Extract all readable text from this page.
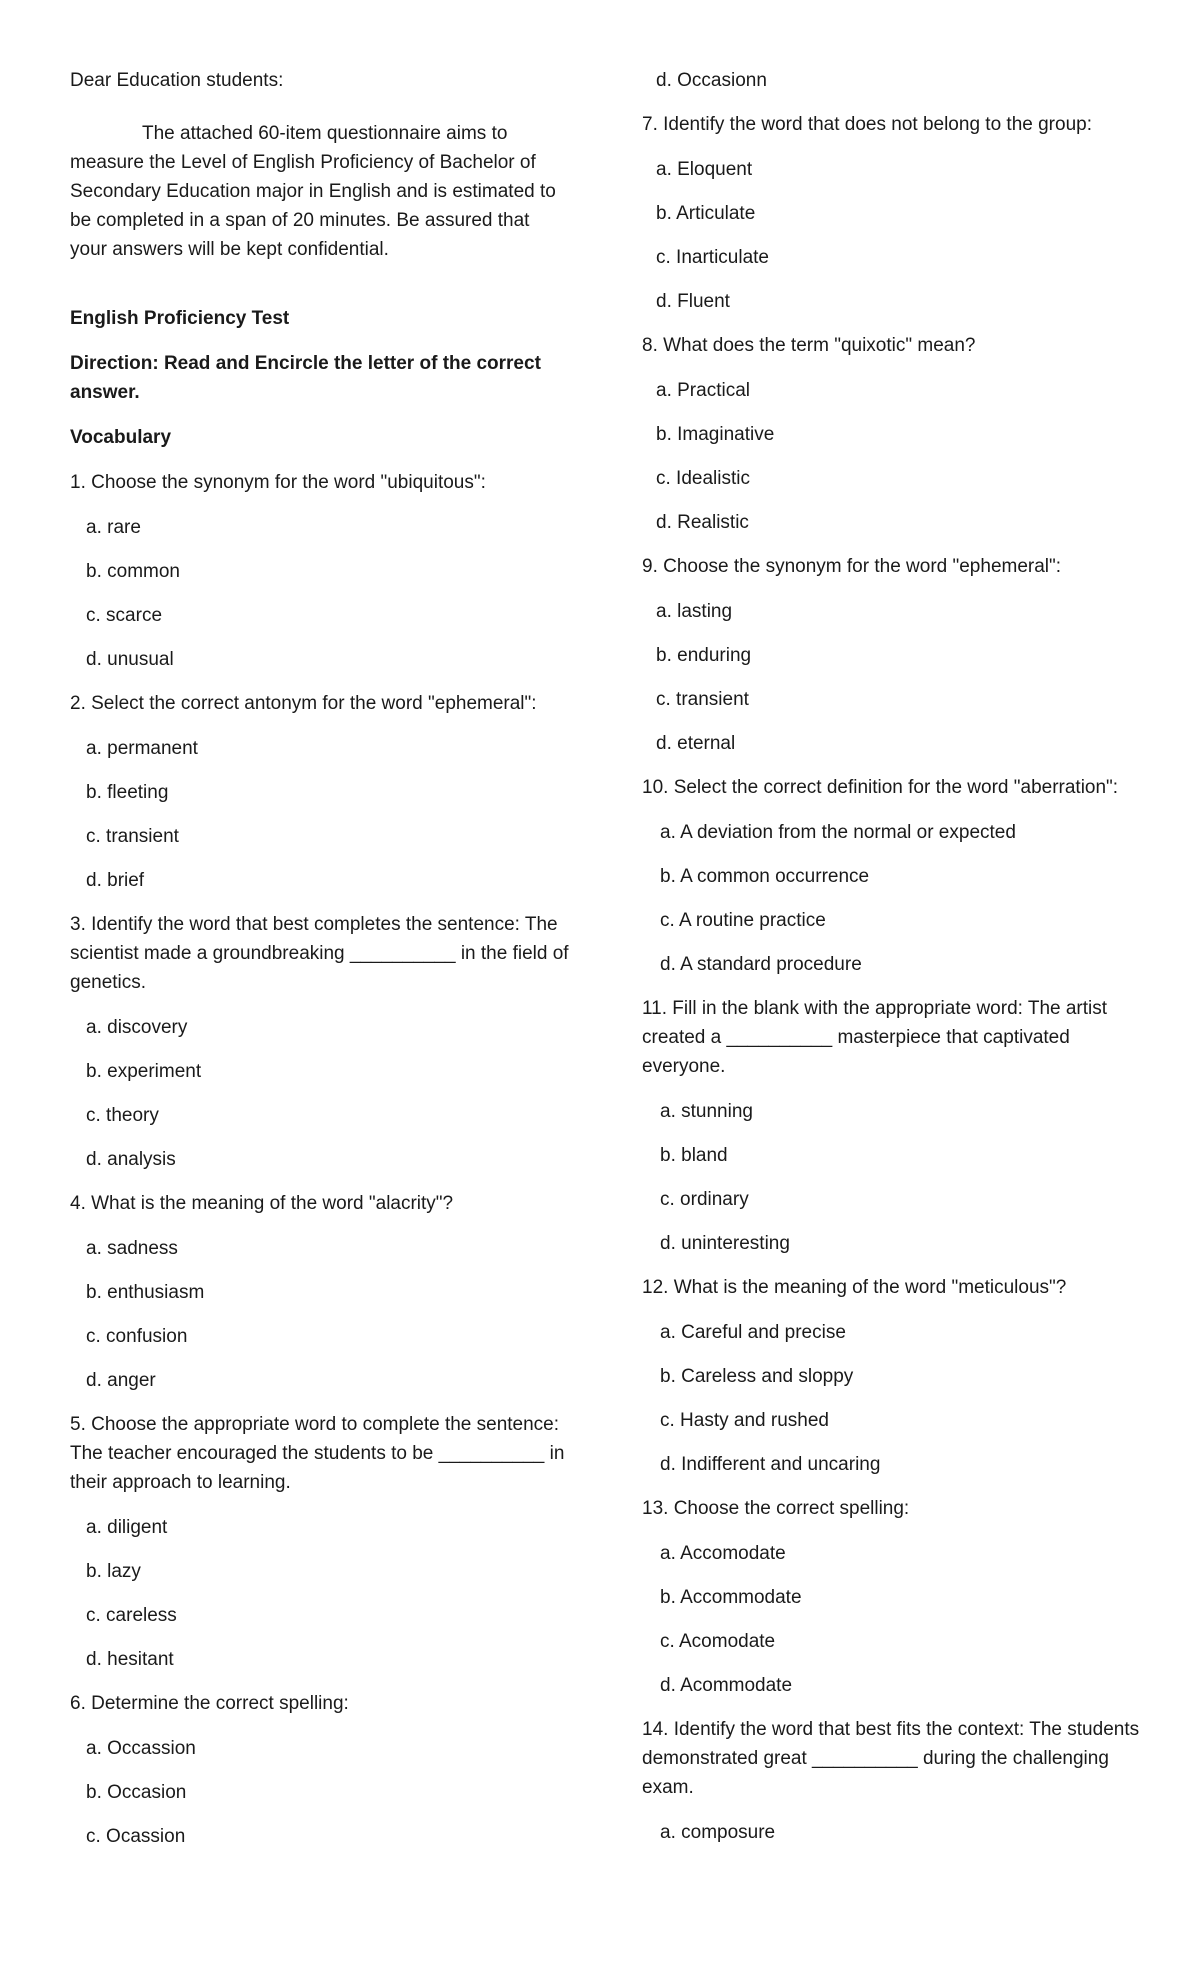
Dear Education students:

The attached 60-item questionnaire aims to measure the Level of English Proficiency of Bachelor of Secondary Education major in English and is estimated to be completed in a span of 20 minutes. Be assured that your answers will be kept confidential.

English Proficiency Test

Direction: Read and Encircle the letter of the correct answer.

Vocabulary

1. Choose the synonym for the word "ubiquitous":

a. rare

b. common

c. scarce

d. unusual

2. Select the correct antonym for the word "ephemeral":

a. permanent

b. fleeting

c. transient

d. brief

3. Identify the word that best completes the sentence: The scientist made a groundbreaking __________ in the field of genetics.

a. discovery

b. experiment

c. theory

d. analysis

4. What is the meaning of the word "alacrity"?

a. sadness

b. enthusiasm

c. confusion

d. anger

5. Choose the appropriate word to complete the sentence: The teacher encouraged the students to be __________ in their approach to learning.

a. diligent

b. lazy

c. careless

d. hesitant

6. Determine the correct spelling:

a. Occassion

b. Occasion

c. Ocassion

d. Occasionn

7. Identify the word that does not belong to the group:

a. Eloquent

b. Articulate

c. Inarticulate

d. Fluent

8. What does the term "quixotic" mean?

a. Practical

b. Imaginative

c. Idealistic

d. Realistic

9. Choose the synonym for the word "ephemeral":

a. lasting

b. enduring

c. transient

d. eternal

10. Select the correct definition for the word "aberration":

a. A deviation from the normal or expected

b. A common occurrence

c. A routine practice

d. A standard procedure

11. Fill in the blank with the appropriate word: The artist created a __________ masterpiece that captivated everyone.

a. stunning

b. bland

c. ordinary

d. uninteresting

12. What is the meaning of the word "meticulous"?

a. Careful and precise

b. Careless and sloppy

c. Hasty and rushed

d. Indifferent and uncaring

13. Choose the correct spelling:

a. Accomodate

b. Accommodate

c. Acomodate

d. Acommodate

14. Identify the word that best fits the context: The students demonstrated great __________ during the challenging exam.

a. composure
